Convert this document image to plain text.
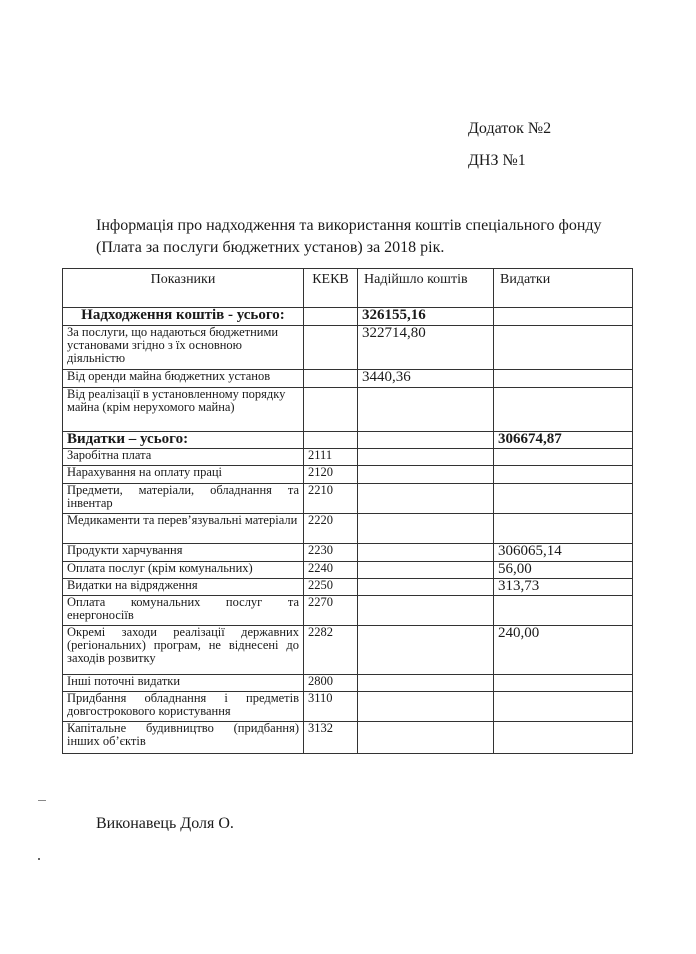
Додаток №2
ДНЗ №1
Інформація про надходження та використання коштів спеціального фонду
(Плата за послуги бюджетних установ) за 2018 рік.
Показники	КЕКВ	Надійшло коштів	Видатки
Надходження коштів - усього:		326155,16	
За послуги, що надаються бюджетними установами згідно з їх основною діяльністю		322714,80	
Від оренди майна бюджетних установ		3440,36	
Від реалізації в установленному порядку майна (крім нерухомого майна)			
Видатки – усього:			306674,87
Заробітна плата	2111		
Нарахування на оплату праці	2120		
Предмети, матеріали, обладнання та інвентар	2210		
Медикаменти та перев’язувальні матеріали	2220		
Продукти харчування	2230		306065,14
Оплата послуг (крім комунальних)	2240		56,00
Видатки на відрядження	2250		313,73
Оплата комунальних послуг та енергоносіїв	2270		
Окремі заходи реалізації державних (регіональних) програм, не віднесені до заходів розвитку	2282		240,00
Інші поточні видатки	2800		
Придбання обладнання і предметів довгострокового користування	3110		
Капітальне будивництво (придбання) інших об’єктів	3132		
Виконавець Доля О.
